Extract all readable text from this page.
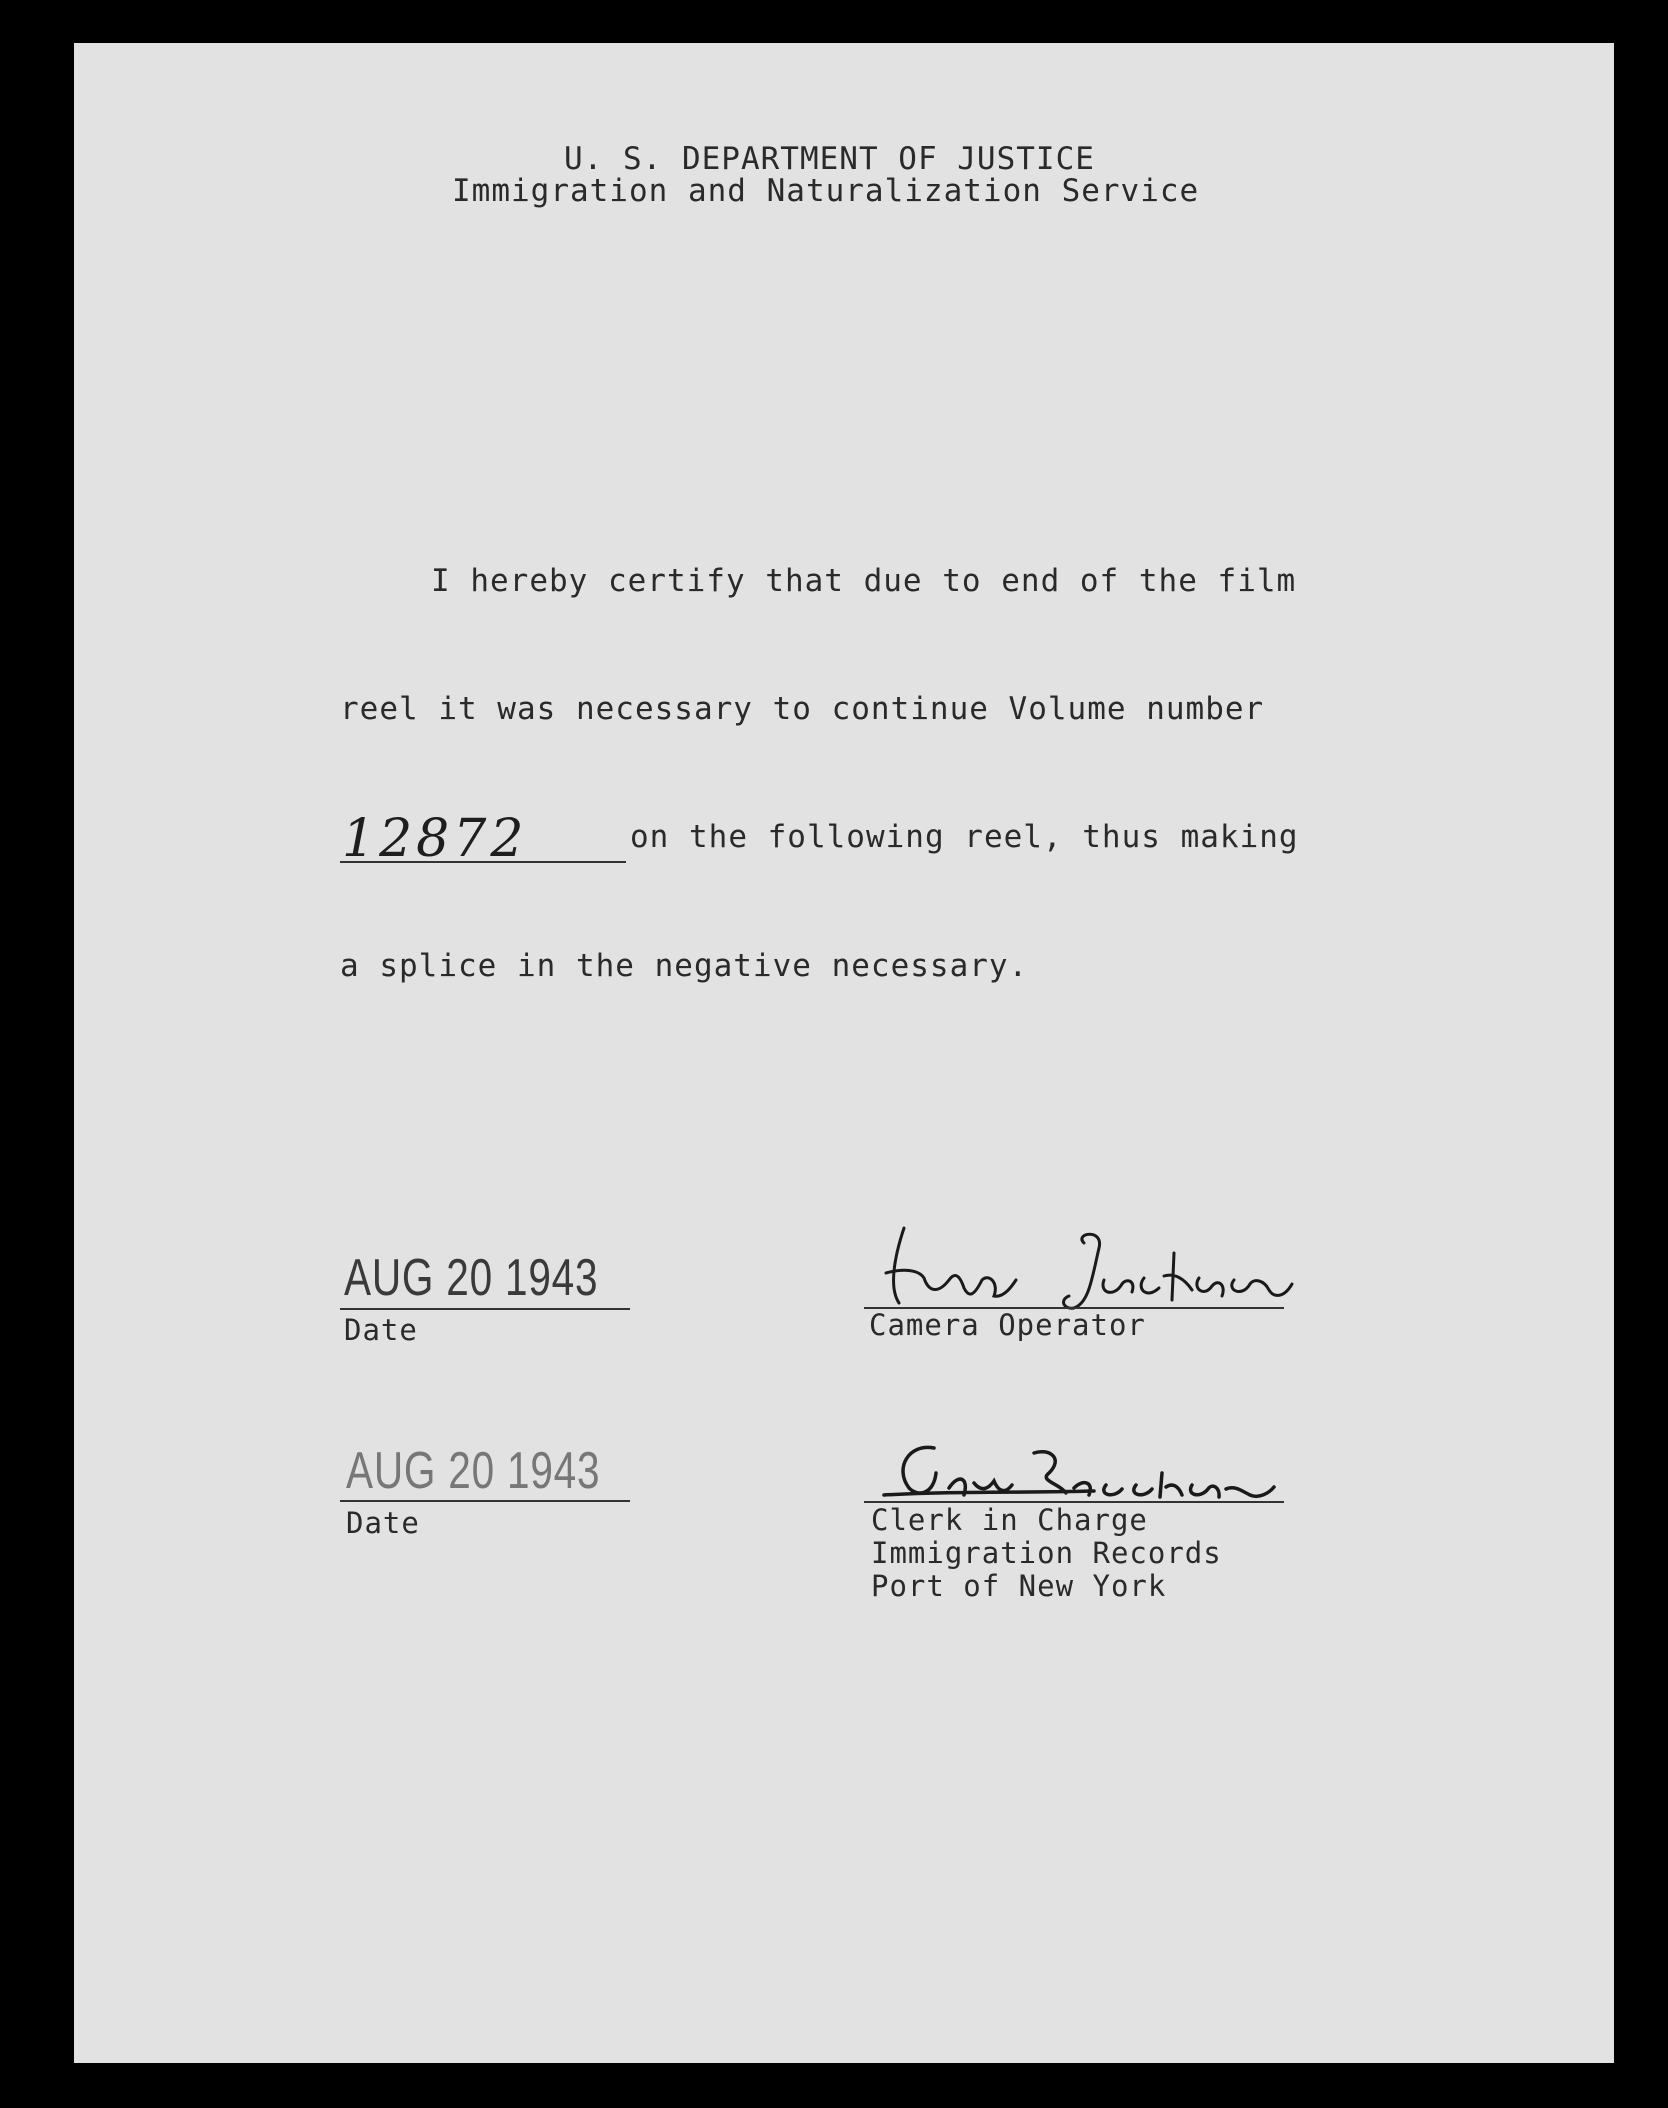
U. S. DEPARTMENT OF JUSTICE
Immigration and Naturalization Service
I hereby certify that due to end of the film
reel it was necessary to continue Volume number
12872	on the following reel, thus making
a splice in the negative necessary.
AUG 20 1943
Date	Camera Operator
AUG 20 1943
Date	Clerk in Charge
Immigration Records
Port of New York
